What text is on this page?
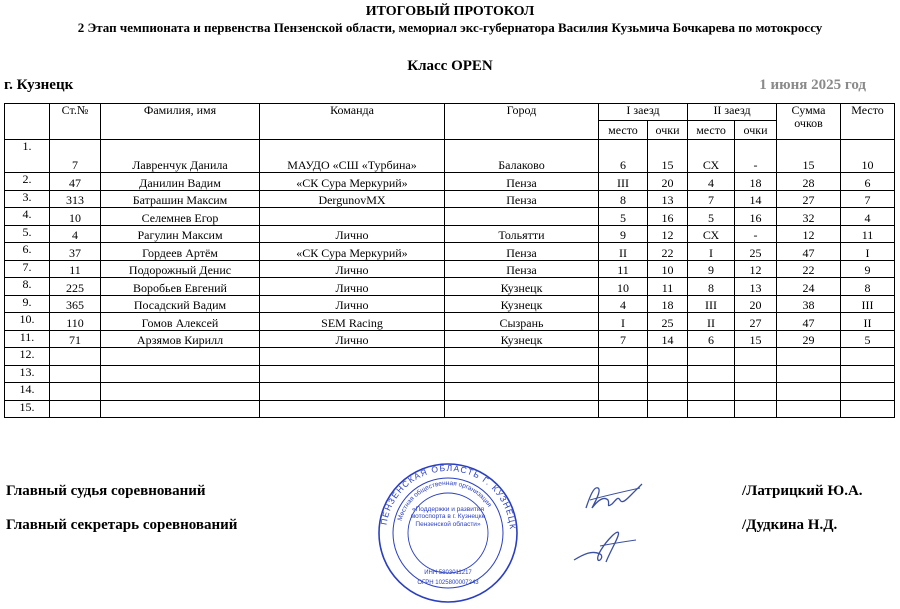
ИТОГОВЫЙ ПРОТОКОЛ
2 Этап чемпионата и первенства Пензенской области, мемориал экс-губернатора Василия Кузьмича Бочкарева по мотокроссу
Класс OPEN
г. Кузнецк	1 июня 2025 год
	Ст.№	Фамилия, имя	Команда	Город	I заезд		II заезд		Сумма очков	Место
					место	очки	место	очки		
1.	7	Лавренчук Данила	МАУДО «СШ «Турбина»	Балаково	6	15	СХ	-	15	10
2.	47	Данилин Вадим	«СК Сура Меркурий»	Пенза	III	20	4	18	28	6
3.	313	Батрашин Максим	DergunovMX	Пенза	8	13	7	14	27	7
4.	10	Селемнев Егор			5	16	5	16	32	4
5.	4	Рагулин Максим	Лично	Тольятти	9	12	СХ	-	12	11
6.	37	Гордеев Артём	«СК Сура Меркурий»	Пенза	II	22	I	25	47	I
7.	11	Подорожный Денис	Лично	Пенза	11	10	9	12	22	9
8.	225	Воробьев Евгений	Лично	Кузнецк	10	11	8	13	24	8
9.	365	Посадский Вадим	Лично	Кузнецк	4	18	III	20	38	III
10.	110	Гомов Алексей	SEM Racing	Сызрань	I	25	II	27	47	II
11.	71	Арзямов Кирилл	Лично	Кузнецк	7	14	6	15	29	5
12.										
13.										
14.										
15.										
Главный судья соревнований	/Латрицкий Ю.А.
Главный секретарь соревнований	/Дудкина Н.Д.
ПЕНЗЕНСКАЯ ОБЛАСТЬ Г. КУЗНЕЦК
Местная общественная организация
«Поддержки и развития мотоспорта в г. Кузнецке Пензенской области»
ИНН 5803011217
ОГРН 1025800007243
